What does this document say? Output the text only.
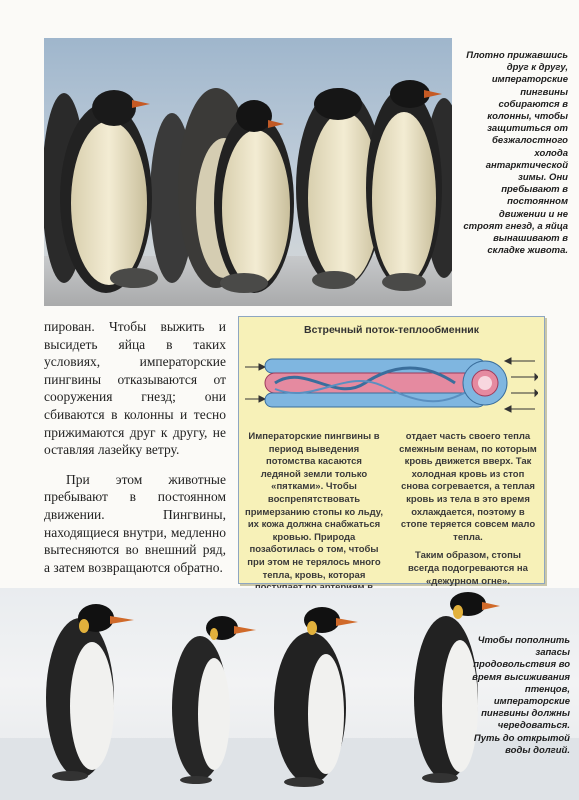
Плотно прижавшись друг к другу, императорские пингвины собираются в колонны, чтобы защититься от безжалостного холода антарктической зимы. Они пребывают в постоянном движении и не строят гнезд, а яйца вынашивают в складке живота.

пирован. Чтобы выжить и высидеть яйца в таких условиях, императорские пингвины отказываются от сооружения гнезд; они сбиваются в колонны и тесно прижимаются друг к другу, не оставляя лазейку ветру.

При этом животные пребывают в постоянном движении. Пингвины, находящиеся внутри, медленно вытесняются во внешний ряд, а затем возвращаются обратно.

Встречный поток-теплообменник

Императорские пингвины в период выведения потомства касаются ледяной земли только «пятками». Чтобы воспрепятствовать примерзанию стопы ко льду, их кожа должна снабжаться кровью. Природа позаботилась о том, чтобы при этом не терялось много тепла, кровь, которая

отдает часть своего тепла смежным венам, по которым кровь движется вверх. Так холодная кровь из стоп снова согревается, а теплая кровь из тела в это время охлаждается, поэтому в стопе теряется совсем мало тепла.

Таким образом, стопы всегда подогреваются на «дежурном огне».

Чтобы пополнить запасы продовольствия во время высиживания птенцов, императорские пингвины должны чередоваться. Путь до открытой воды долгий.
